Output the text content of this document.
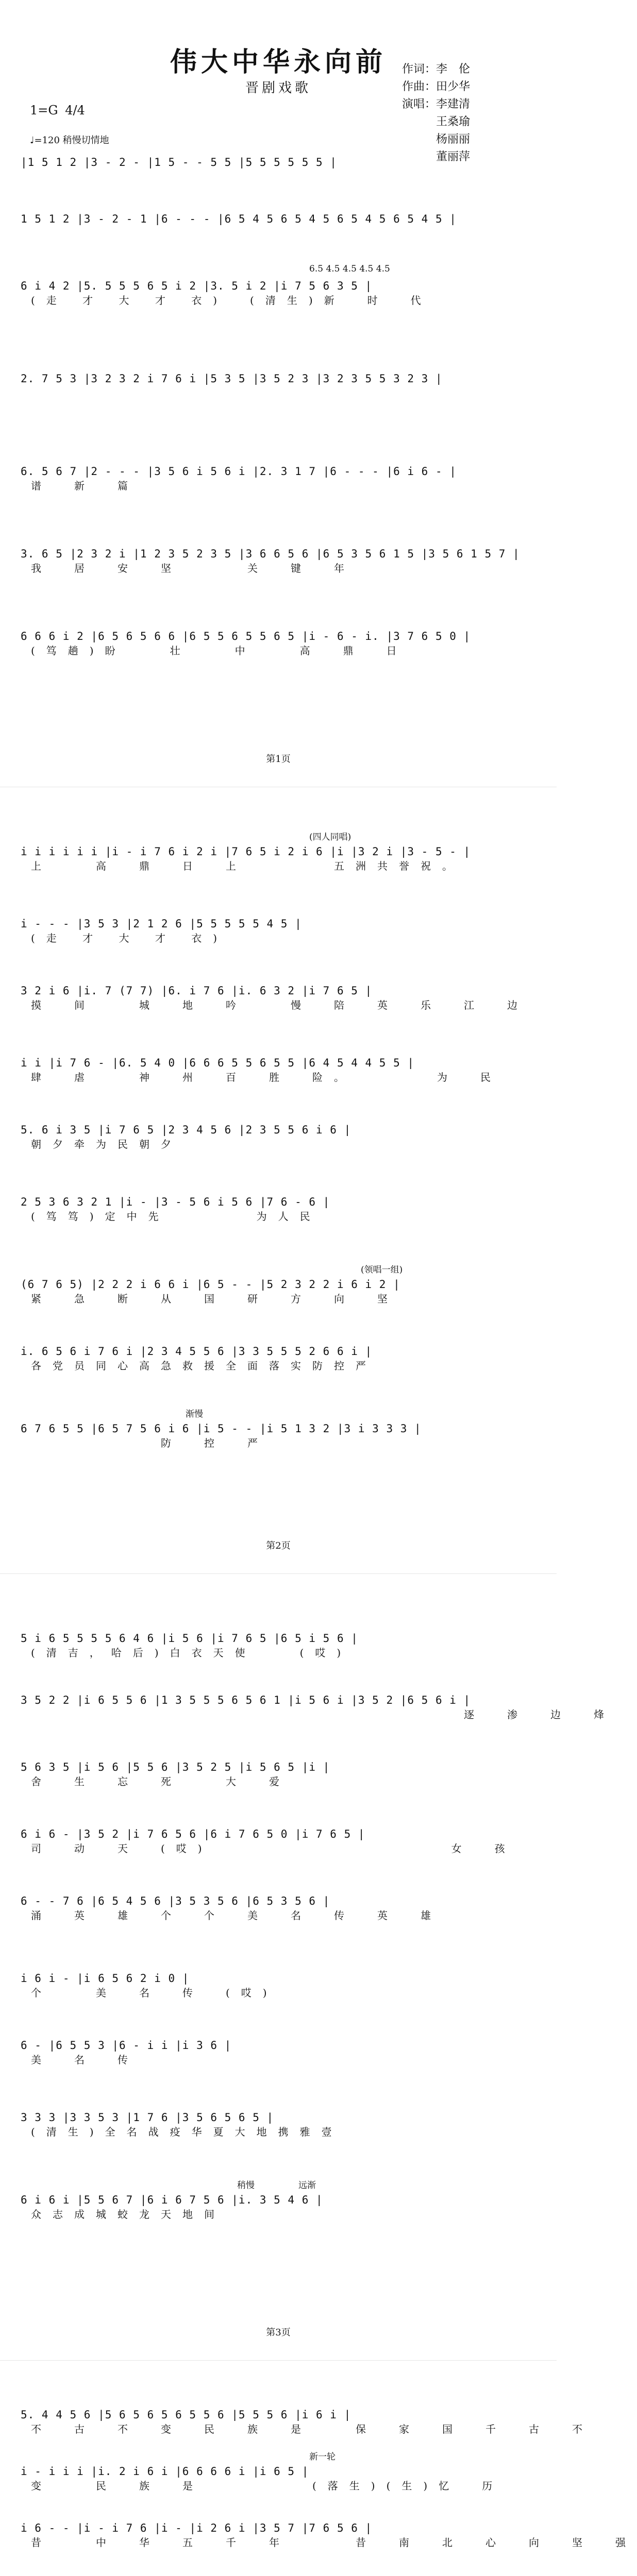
伟大中华永向前
晋剧戏歌
作词：李　伦
作曲：田少华
演唱：李建清
　　　王桑瑜
　　　杨丽丽
　　　董丽萍
1=G 4/4
♩=120 稍慢切情地
|1 5 1 2 |3 - 2 - |1 5 - - 5 5 |5 5 5 5 5 5 |
1 5 1 2 |3 - 2 - 1 |6 - - - |6 5 4 5 6 5 4 5 6 5 4 5 6 5 4 5 |
6.5 4.5 4.5 4.5 4.5
6 i 4 2 |5. 5 5 5 6 5 i 2 |3. 5 i 2 |i 7 5 6 3 5 |
(走 才 大 才 衣)　(清生)新　时　代
2. 7 5 3 |3 2 3 2 i 7 6 i |5 3 5 |3 5 2 3 |3 2 3 5 5 3 2 3 |
6. 5 6 7 |2 - - - |3 5 6 i 5 6 i |2. 3 1 7 |6 - - - |6 i 6 - |
谱　新　篇
3. 6 5 |2 3 2 i |1 2 3 5 2 3 5 |3 6 6 5 6 |6 5 3 5 6 1 5 |3 5 6 1 5 7 |
我　居　安　坚　　　关　键　年
6 6 6 i 2 |6 5 6 5 6 6 |6 5 5 6 5 5 6 5 |i - 6 - i. |3 7 6 5 0 |
(笃趟)盼　　壮　　中　　高　鼎　日
第1页
(四人同唱)
i i i i i i |i - i 7 6 i 2 i |7 6 5 i 2 i 6 |i |3 2 i |3 - 5 - |
上　　高　鼎　日　上　　　　五洲共誉祝。
i - - - |3 5 3 |2 1 2 6 |5 5 5 5 5 4 5 |
(走 才 大 才 衣)
3 2 i 6 |i. 7 (7 7) |6. i 7 6 |i. 6 3 2 |i 7 6 5 |
摸　间　　城　地　吟　　慢　陪　英　乐　江　边
i i |i 7 6 - |6. 5 4 0 |6 6 6 5 5 6 5 5 |6 4 5 4 4 5 5 |
肆　虐　　神　州　百　胜　险。　　　　为　民
5. 6 i 3 5 |i 7 6 5 |2 3 4 5 6 |2 3 5 5 6 i 6 |
朝夕牵为民朝夕
2 5 3 6 3 2 1 |i - |3 - 5 6 i 5 6 |7 6 - 6 |
(笃笃)定中先　　　　为人民
(领唱一组)
(6 7 6 5) |2 2 2 i 6 6 i |6 5 - - |5 2 3 2 2 i 6 i 2 |
紧　急　断　从　国　研　方　向　坚
i. 6 5 6 i 7 6 i |2 3 4 5 5 6 |3 3 5 5 5 2 6 6 i |
各党员同心高急救援全面落实防控严
渐慢
6 7 6 5 5 |6 5 7 5 6 i 6 |i 5 - - |i 5 1 3 2 |3 i 3 3 3 |
　　　　　　防　控　严
第2页
5 i 6 5 5 5 5 6 4 6 |i 5 6 |i 7 6 5 |6 5 i 5 6 |
(清吉，哈后)白衣天使　　(哎)
3 5 2 2 |i 6 5 5 6 |1 3 5 5 5 6 5 6 1 |i 5 6 i |3 5 2 |6 5 6 i |
　　　　　　　　　　　　　　　　　　　　逐　渗　边　烽
5 6 3 5 |i 5 6 |5 5 6 |3 5 2 5 |i 5 6 5 |i |
舍　生　忘　死　　大　爱
6 i 6 - |3 5 2 |i 7 6 5 6 |6 i 7 6 5 0 |i 7 6 5 |
司　动　天　(哎)　　　　　　　　　　　女　孩
6 - - 7 6 |6 5 4 5 6 |3 5 3 5 6 |6 5 3 5 6 |
涌　英　雄　个　个　美　名　传　英　雄
i 6 i - |i 6 5 6 2 i 0 |
个　　美　名　传　(哎)
6 - |6 5 5 3 |6 - i i |i 3 6 |
美　名　传
3 3 3 |3 3 5 3 |1 7 6 |3 5 6 5 6 5 |
(清生)全名战疫华夏大地携雅壹
稍慢　　　　　远渐
6 i 6 i |5 5 6 7 |6 i 6 7 5 6 |i. 3 5 4 6 |
众志成城蛟龙天地间
第3页
5. 4 4 5 6 |5 6 5 6 5 6 5 5 6 |5 5 5 6 |i 6 i |
不　古　不　变　民　族　是　　保　家　国　千　古　不
新一轮
i - i i i |i. 2 i 6 i |6 6 6 6 i |i 6 5 |
变　　民　族　是　　　　　(落生)(生)忆　历
i 6 - - |i - i 7 6 |i - |i 2 6 i |3 5 7 |7 6 5 6 |
昔　　中　华　五　千　年　　　昔　南　北　心　向　坚　强
